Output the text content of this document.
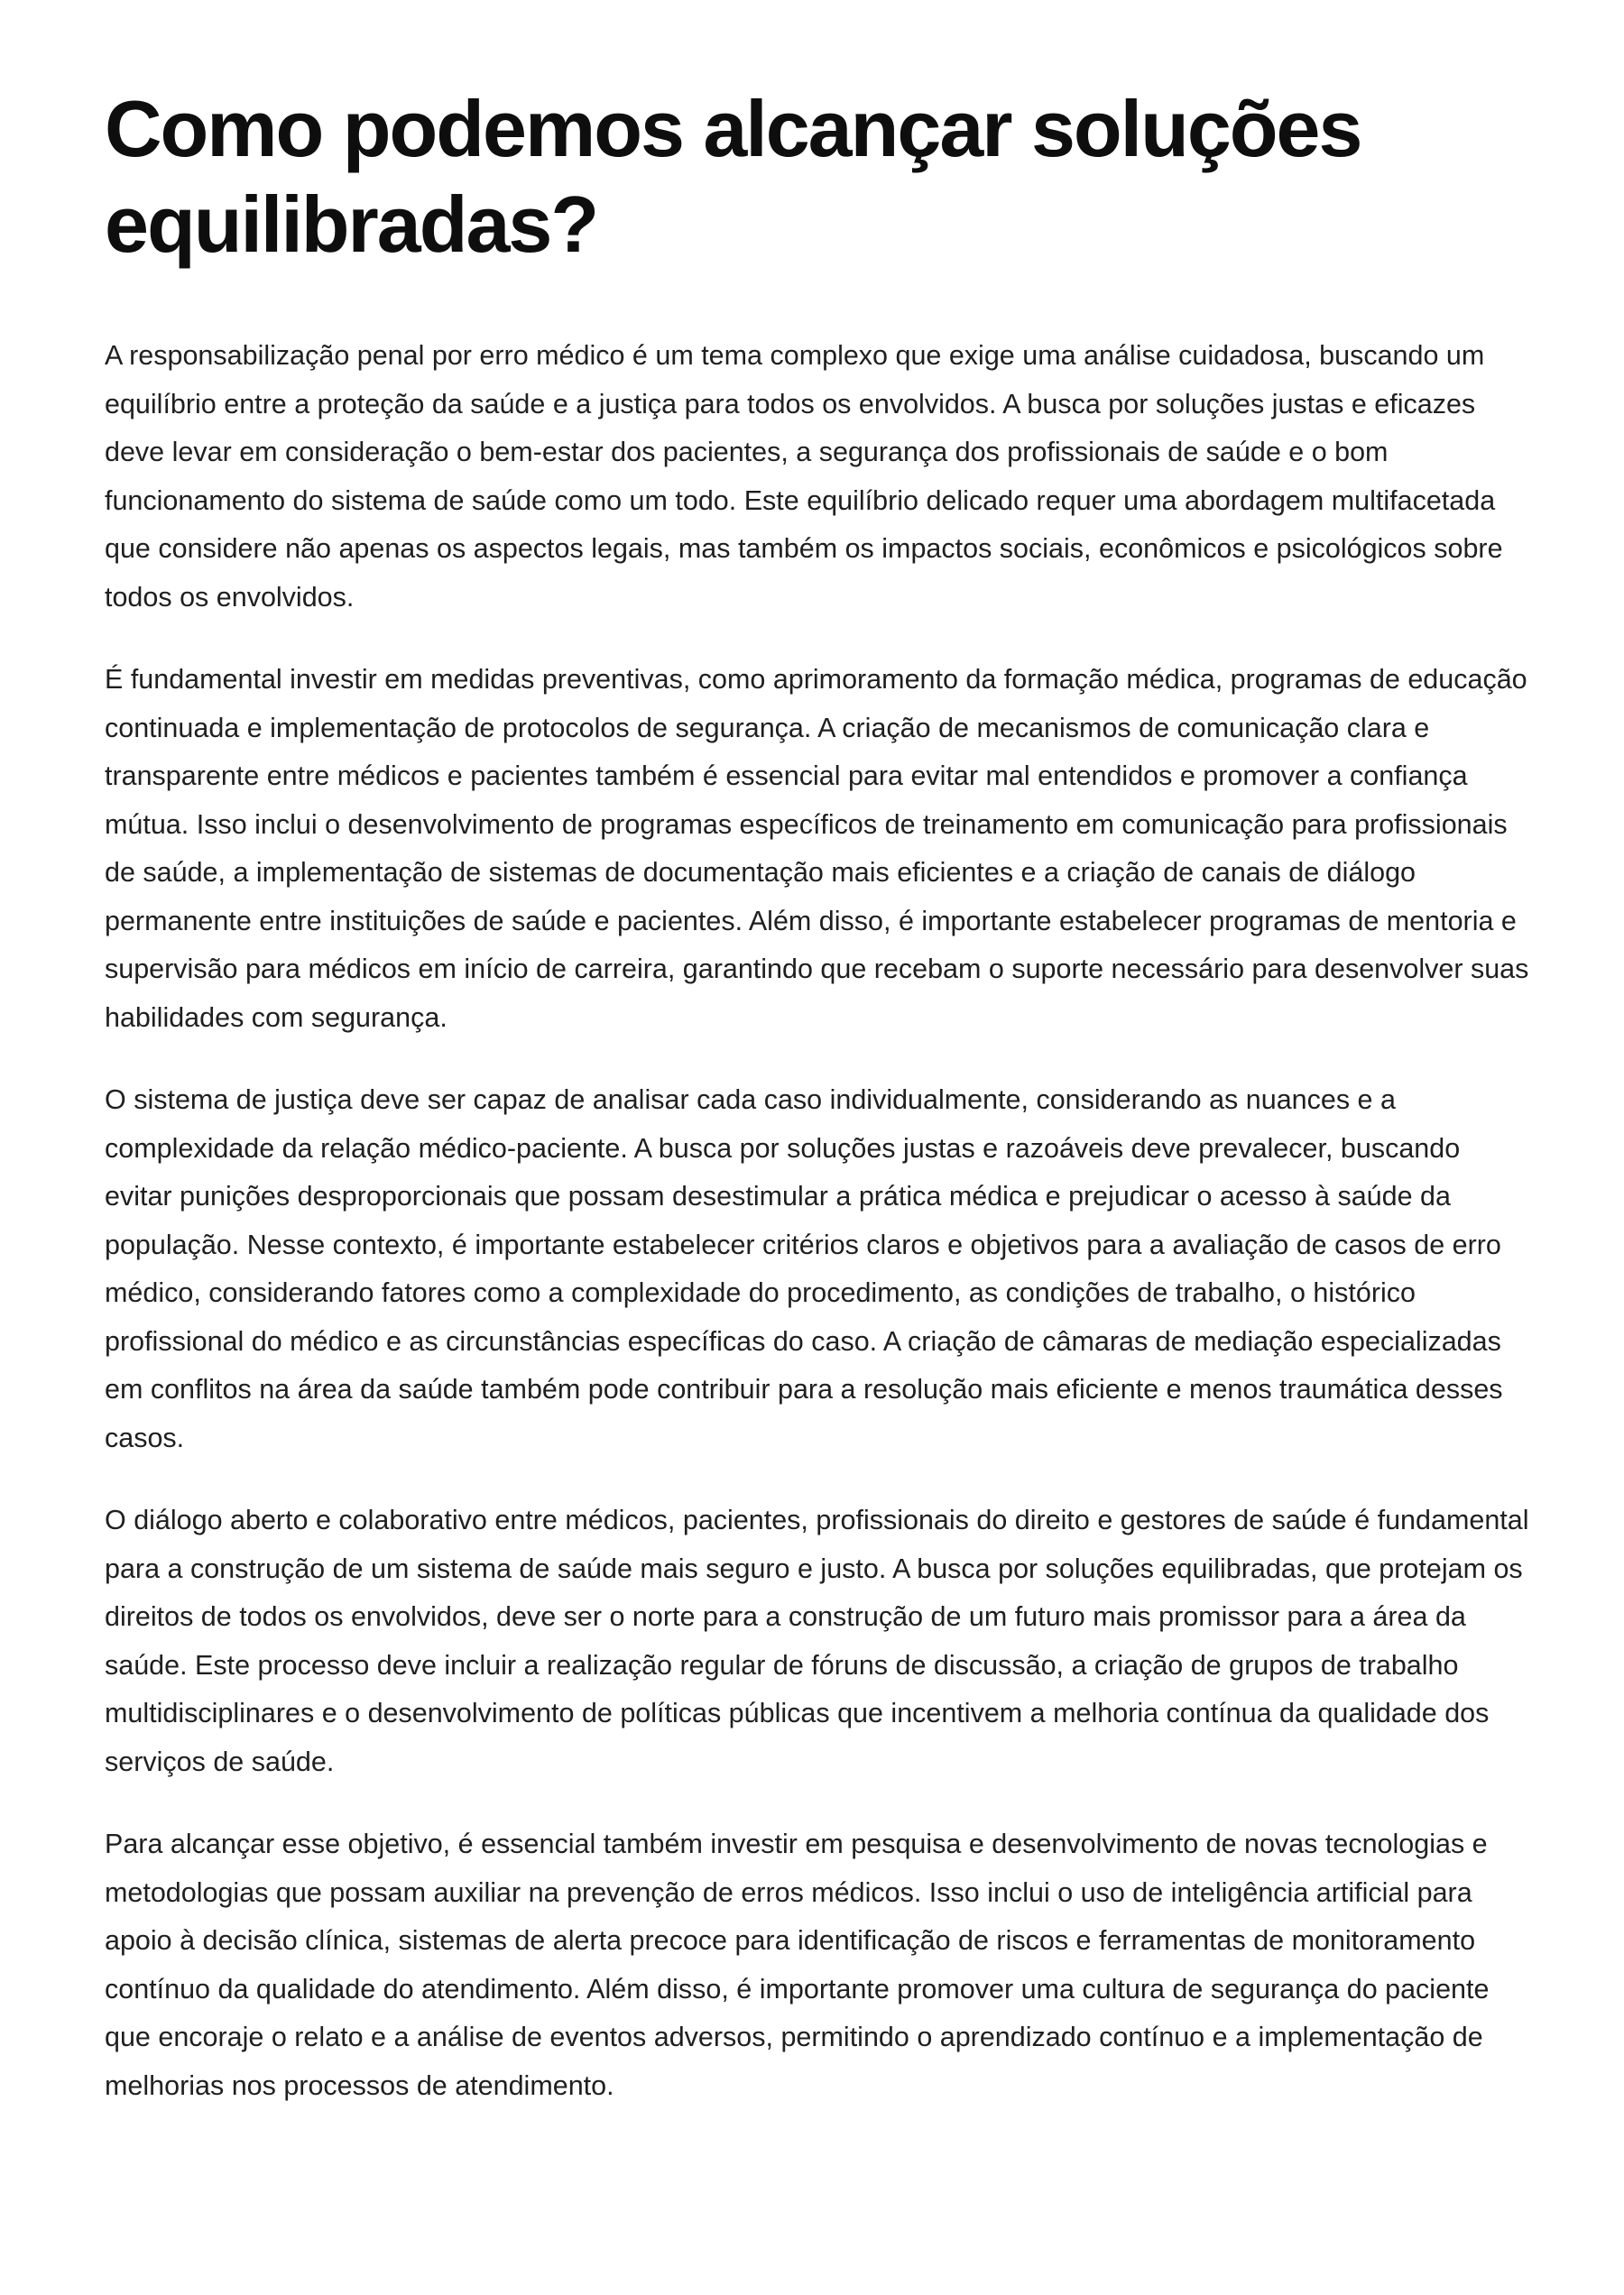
Como podemos alcançar soluções equilibradas?

A responsabilização penal por erro médico é um tema complexo que exige uma análise cuidadosa, buscando um equilíbrio entre a proteção da saúde e a justiça para todos os envolvidos. A busca por soluções justas e eficazes deve levar em consideração o bem-estar dos pacientes, a segurança dos profissionais de saúde e o bom funcionamento do sistema de saúde como um todo. Este equilíbrio delicado requer uma abordagem multifacetada que considere não apenas os aspectos legais, mas também os impactos sociais, econômicos e psicológicos sobre todos os envolvidos.

É fundamental investir em medidas preventivas, como aprimoramento da formação médica, programas de educação continuada e implementação de protocolos de segurança. A criação de mecanismos de comunicação clara e transparente entre médicos e pacientes também é essencial para evitar mal entendidos e promover a confiança mútua. Isso inclui o desenvolvimento de programas específicos de treinamento em comunicação para profissionais de saúde, a implementação de sistemas de documentação mais eficientes e a criação de canais de diálogo permanente entre instituições de saúde e pacientes. Além disso, é importante estabelecer programas de mentoria e supervisão para médicos em início de carreira, garantindo que recebam o suporte necessário para desenvolver suas habilidades com segurança.

O sistema de justiça deve ser capaz de analisar cada caso individualmente, considerando as nuances e a complexidade da relação médico-paciente. A busca por soluções justas e razoáveis deve prevalecer, buscando evitar punições desproporcionais que possam desestimular a prática médica e prejudicar o acesso à saúde da população. Nesse contexto, é importante estabelecer critérios claros e objetivos para a avaliação de casos de erro médico, considerando fatores como a complexidade do procedimento, as condições de trabalho, o histórico profissional do médico e as circunstâncias específicas do caso. A criação de câmaras de mediação especializadas em conflitos na área da saúde também pode contribuir para a resolução mais eficiente e menos traumática desses casos.

O diálogo aberto e colaborativo entre médicos, pacientes, profissionais do direito e gestores de saúde é fundamental para a construção de um sistema de saúde mais seguro e justo. A busca por soluções equilibradas, que protejam os direitos de todos os envolvidos, deve ser o norte para a construção de um futuro mais promissor para a área da saúde. Este processo deve incluir a realização regular de fóruns de discussão, a criação de grupos de trabalho multidisciplinares e o desenvolvimento de políticas públicas que incentivem a melhoria contínua da qualidade dos serviços de saúde.

Para alcançar esse objetivo, é essencial também investir em pesquisa e desenvolvimento de novas tecnologias e metodologias que possam auxiliar na prevenção de erros médicos. Isso inclui o uso de inteligência artificial para apoio à decisão clínica, sistemas de alerta precoce para identificação de riscos e ferramentas de monitoramento contínuo da qualidade do atendimento. Além disso, é importante promover uma cultura de segurança do paciente que encoraje o relato e a análise de eventos adversos, permitindo o aprendizado contínuo e a implementação de melhorias nos processos de atendimento.
